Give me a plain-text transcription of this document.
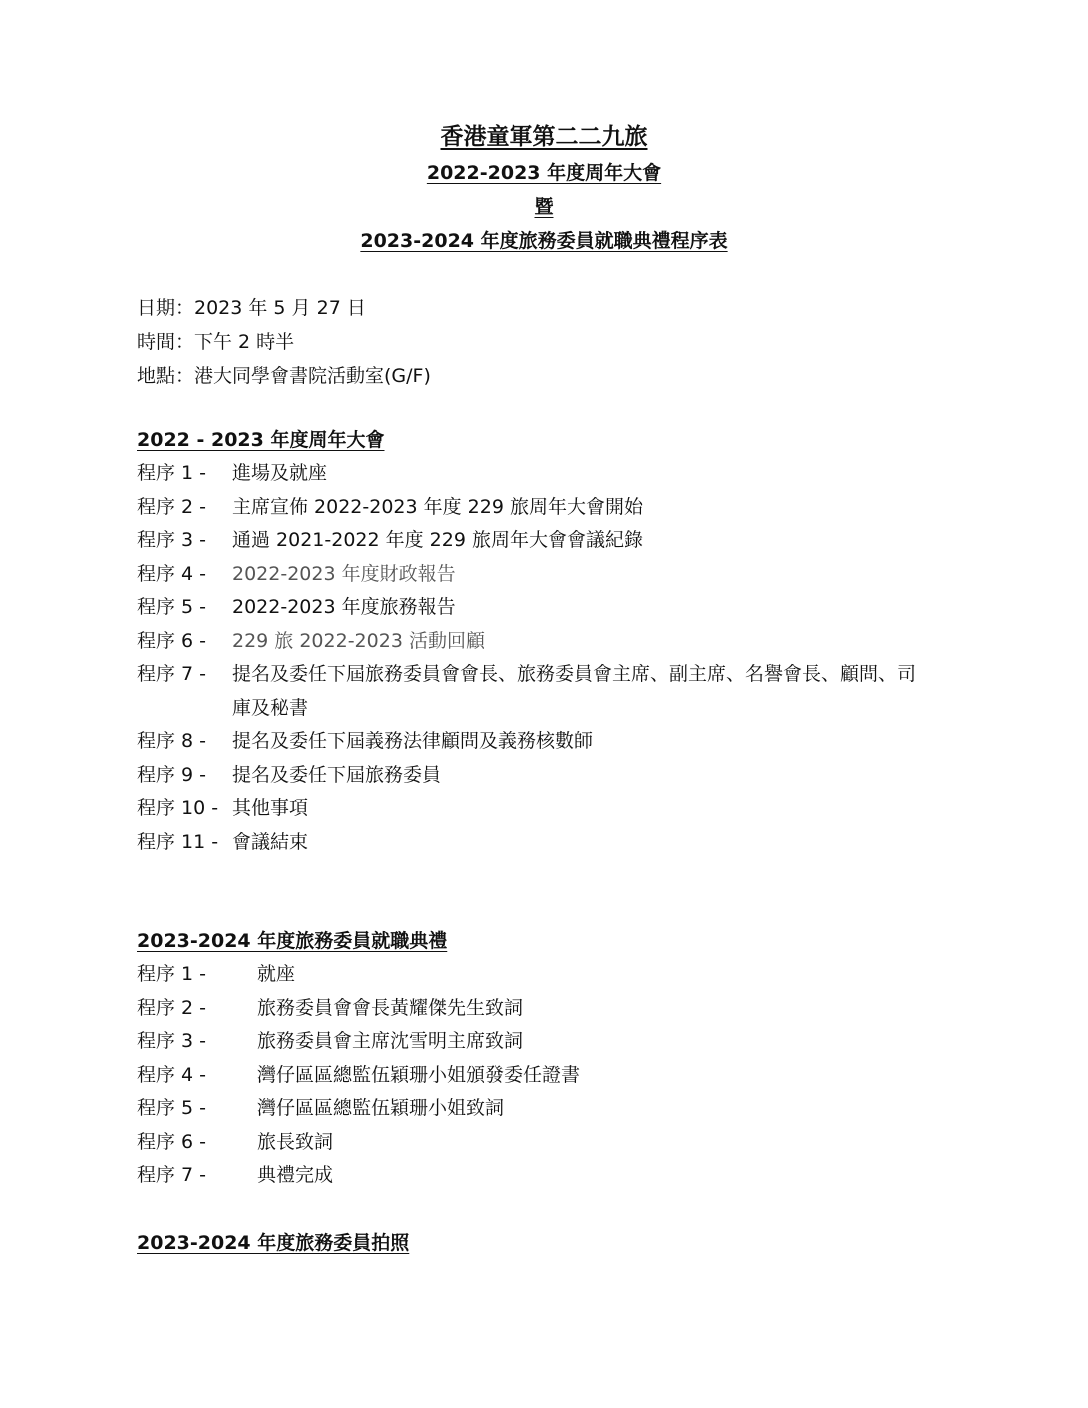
香港童軍第二二九旅
2022-2023 年度周年大會
暨
2023-2024 年度旅務委員就職典禮程序表
日期：2023 年 5 月 27 日
時間：下午 2 時半
地點：港大同學會書院活動室(G/F)
2022 - 2023 年度周年大會
程序 1 -	進場及就座
程序 2 -	主席宣佈 2022-2023 年度 229 旅周年大會開始
程序 3 -	通過 2021-2022 年度 229 旅周年大會會議紀錄
程序 4 -	2022-2023 年度財政報告
程序 5 -	2022-2023 年度旅務報告
程序 6 -	229 旅 2022-2023 活動回顧
程序 7 -	提名及委任下屆旅務委員會會長、旅務委員會主席、副主席、名譽會長、顧問、司庫及秘書
程序 8 -	提名及委任下屆義務法律顧問及義務核數師
程序 9 -	提名及委任下屆旅務委員
程序 10 - 其他事項
程序 11 - 會議結束
2023-2024 年度旅務委員就職典禮
程序 1 -	就座
程序 2 -	旅務委員會會長黃耀傑先生致詞
程序 3 -	旅務委員會主席沈雪明主席致詞
程序 4 -	灣仔區區總監伍穎珊小姐頒發委任證書
程序 5 -	灣仔區區總監伍穎珊小姐致詞
程序 6 -	旅長致詞
程序 7 -	典禮完成
2023-2024 年度旅務委員拍照
